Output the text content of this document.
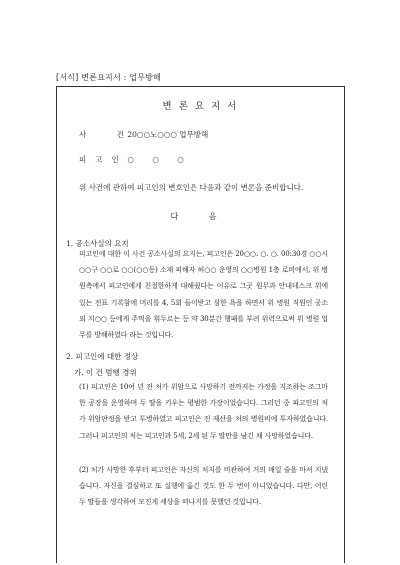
[서식] 변론요지서 : 업무방해
변 론 요 지 서
사 건 20○○노○○○ 업무방해
피고인 ○ ○ ○
위 사건에 관하여 피고인의 변호인은 다음과 같이 변론을 준비합니다.
다 음
1. 공소사실의 요지
피고인에 대한 이 사건 공소사실의 요지는, 피고인은 20○○. ○. ○. 00:30경 ○○시 ○○구 ○○로 ○○(○○동) 소재 피해자 허○○ 운영의 ○○병원 1층 로비에서, 위 병원측에서 피고인에게 친절한하게 대해줬다는 이유로 그곳 원무과 안내데스크 위에 있는 전표 기록함에 머리를 4, 5회 들이받고 심한 욕을 하면서 위 병원 직원인 공소외 지○○ 등에게 주먹을 휘두르는 등 약 30분간 행패를 부려 위력으로써 위 병원 업무를 방해하였다 라는 것입니다.
2. 피고인에 대한 정상
가. 이 건 범행 경위
(1) 피고인은 10여 년 전 처가 위암으로 사망하기 전까지는 가정을 지조하는 조그마한 공장을 운영하며 두 딸을 키우는 평범한 가장이었습니다. 그러던 중 피고인의 처가 위암판정을 받고 투병하였고 피고인은 전 재산을 처의 병원비에 투자하였습니다. 그러나 피고인의 처는 피고인과 5세, 2세 된 두 딸만을 남긴 채 사망하였습니다.
(2) 처가 사망한 후부터 피고인은 자신의 처지를 비관하여 거의 매일 술을 마셔 지냈습니다. 자신을 결심하고 또 실행에 옮긴 것도 한 두 번이 아니었습니다. 다만, 어린 두 딸들을 생각하여 모진게 세상을 떠나지를 못했던 것입니다.
